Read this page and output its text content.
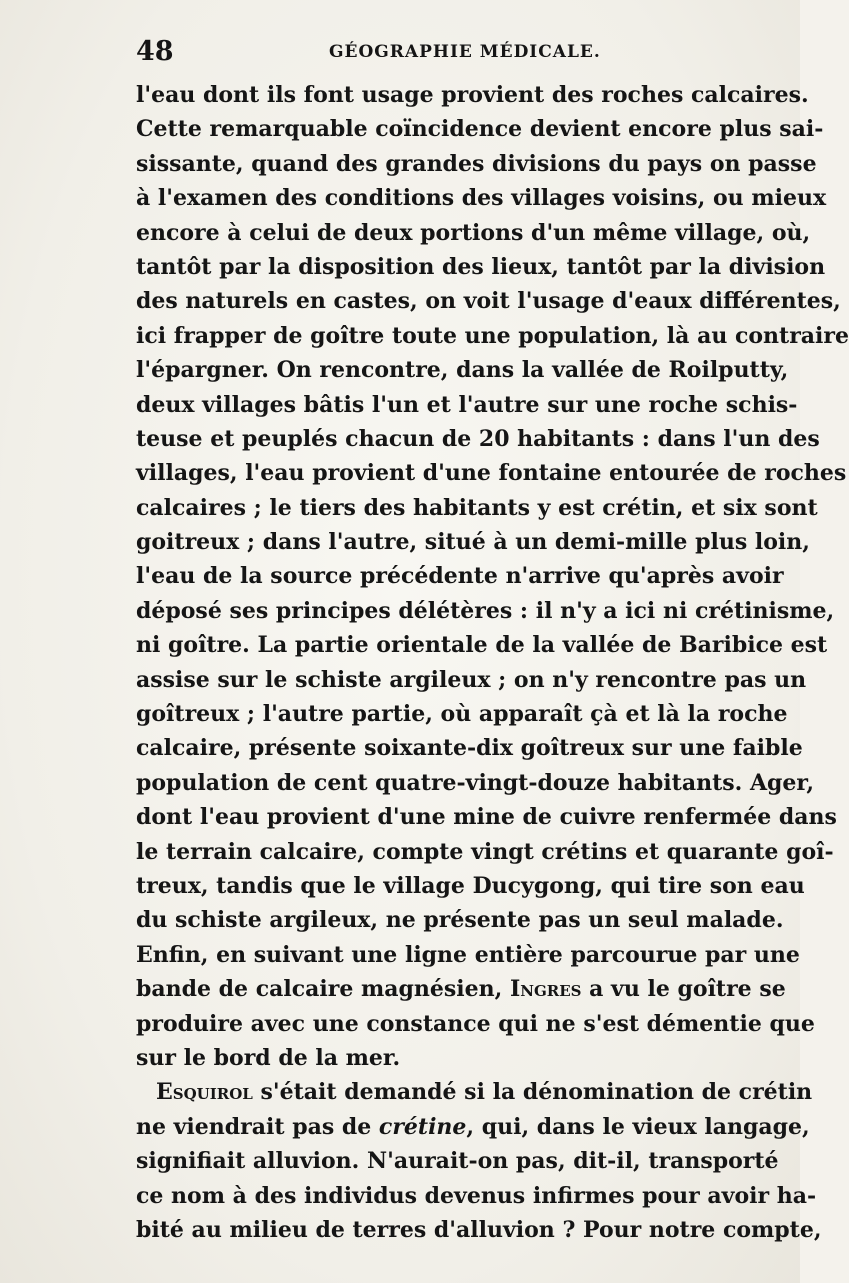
48	GÉOGRAPHIE MÉDICALE.
l'eau dont ils font usage provient des roches calcaires.
Cette remarquable coïncidence devient encore plus sai-
sissante, quand des grandes divisions du pays on passe
à l'examen des conditions des villages voisins, ou mieux
encore à celui de deux portions d'un même village, où,
tantôt par la disposition des lieux, tantôt par la division
des naturels en castes, on voit l'usage d'eaux différentes,
ici frapper de goître toute une population, là au contraire
l'épargner. On rencontre, dans la vallée de Roilputty,
deux villages bâtis l'un et l'autre sur une roche schis-
teuse et peuplés chacun de 20 habitants : dans l'un des
villages, l'eau provient d'une fontaine entourée de roches
calcaires ; le tiers des habitants y est crétin, et six sont
goitreux ; dans l'autre, situé à un demi-mille plus loin,
l'eau de la source précédente n'arrive qu'après avoir
déposé ses principes délétères : il n'y a ici ni crétinisme,
ni goître. La partie orientale de la vallée de Baribice est
assise sur le schiste argileux ; on n'y rencontre pas un
goîtreux ; l'autre partie, où apparaît çà et là la roche
calcaire, présente soixante-dix goîtreux sur une faible
population de cent quatre-vingt-douze habitants. Ager,
dont l'eau provient d'une mine de cuivre renfermée dans
le terrain calcaire, compte vingt crétins et quarante goî-
treux, tandis que le village Ducygong, qui tire son eau
du schiste argileux, ne présente pas un seul malade.
Enfin, en suivant une ligne entière parcourue par une
bande de calcaire magnésien, Ingres a vu le goître se
produire avec une constance qui ne s'est démentie que
sur le bord de la mer.
Esquirol s'était demandé si la dénomination de crétin
ne viendrait pas de crétine, qui, dans le vieux langage,
signifiait alluvion. N'aurait-on pas, dit-il, transporté
ce nom à des individus devenus infirmes pour avoir ha-
bité au milieu de terres d'alluvion ? Pour notre compte,
